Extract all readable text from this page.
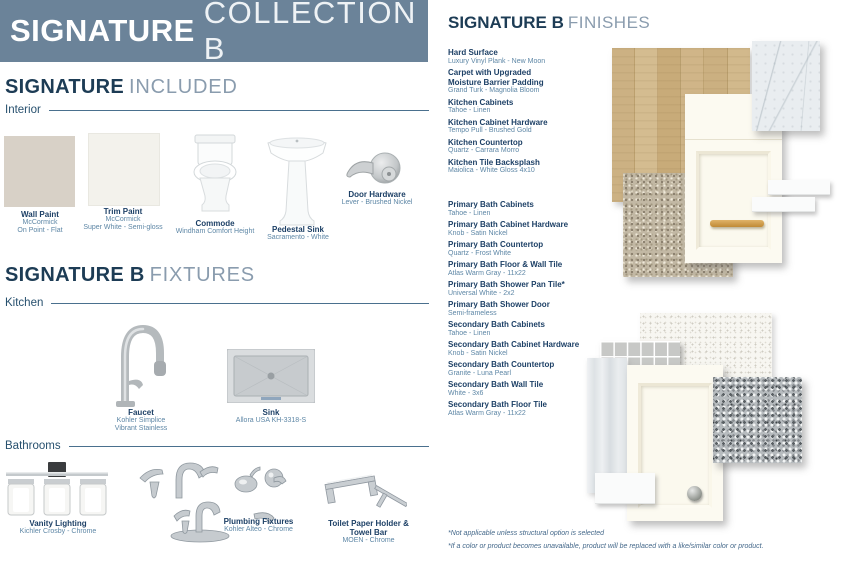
SIGNATURE
COLLECTION B
SIGNATURE INCLUDED
Interior
Wall Paint
McCormick
On Point - Flat
Trim Paint
McCormick
Super White - Semi-gloss	Commode
Windham Comfort Height	Pedestal Sink
Sacramento - White
Door Hardware
Lever - Brushed Nickel
SIGNATURE B FIXTURES
Kitchen
Faucet
Kohler Simplice
Vibrant Stainless
Sink
Allora USA KH-3318-S
Bathrooms
Vanity Lighting
Kichler Crosby - Chrome
Plumbing Fixtures
Kohler Alteo - Chrome
Toilet Paper Holder & Towel Bar
MOEN - Chrome
SIGNATURE B FINISHES
Hard Surface
Luxury Vinyl Plank - New Moon
Carpet with Upgraded Moisture Barrier Padding
Grand Turk - Magnolia Bloom
Kitchen Cabinets
Tahoe - Linen
Kitchen Cabinet Hardware
Tempo Pull - Brushed Gold
Kitchen Countertop
Quartz - Carrara Morro
Kitchen Tile Backsplash
Maiolica - White Gloss 4x10
Primary Bath Cabinets
Tahoe - Linen
Primary Bath Cabinet Hardware
Knob - Satin Nickel
Primary Bath Countertop
Quartz - Frost White
Primary Bath Floor & Wall Tile
Atlas Warm Gray - 11x22
Primary Bath Shower Pan Tile*
Universal White - 2x2
Primary Bath Shower Door
Semi-frameless
Secondary Bath Cabinets
Tahoe - Linen
Secondary Bath Cabinet Hardware
Knob - Satin Nickel
Secondary Bath Countertop
Granite - Luna Pearl
Secondary Bath Wall Tile
White - 3x6
Secondary Bath Floor Tile
Atlas Warm Gray - 11x22
*Not applicable unless structural option is selected
*If a color or product becomes unavailable, product will be replaced with a like/similar color or product.
